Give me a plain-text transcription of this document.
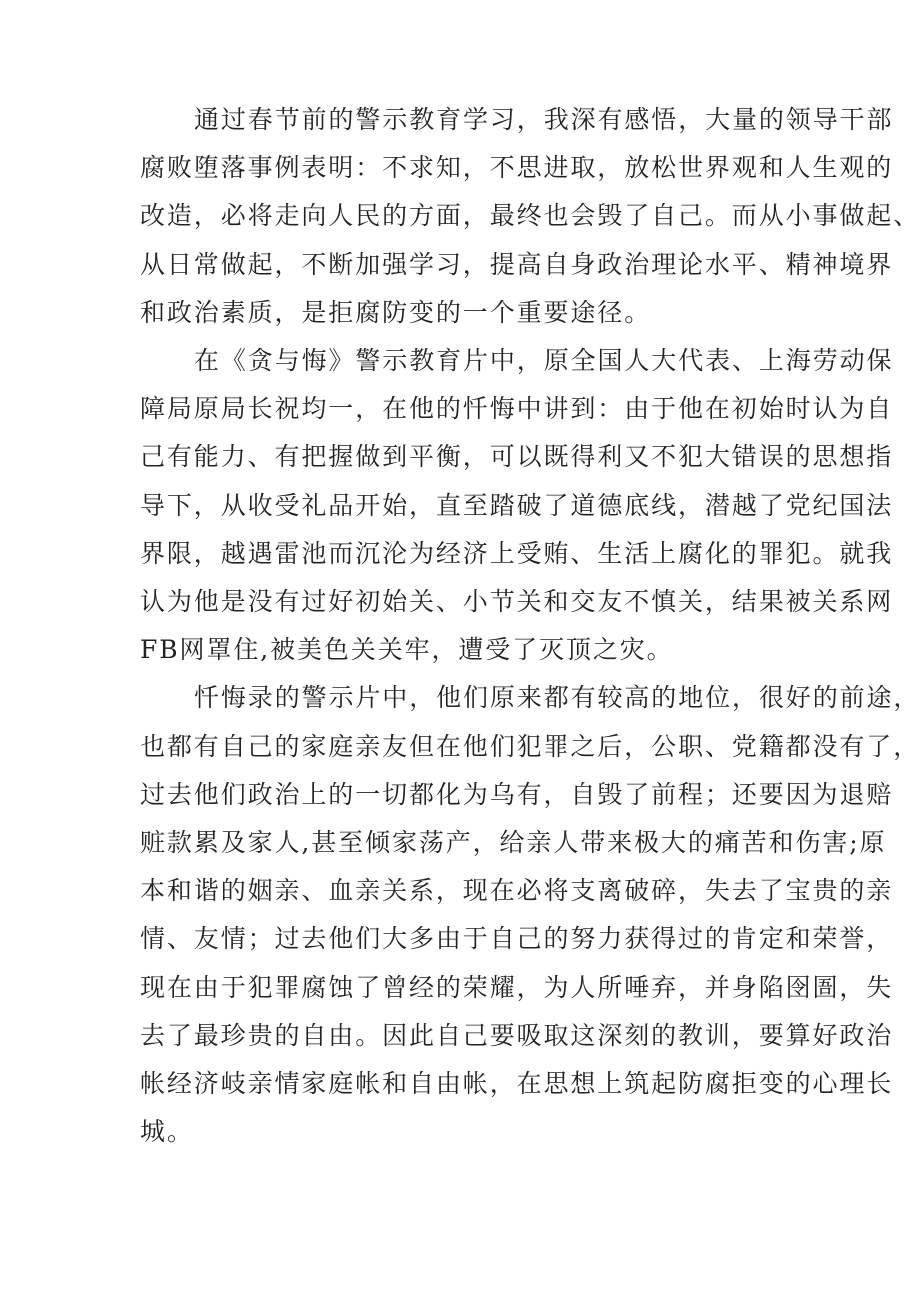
通过春节前的警示教育学习，我深有感悟，大量的领导干部
腐败堕落事例表明：不求知，不思进取，放松世界观和人生观的
改造，必将走向人民的方面，最终也会毁了自己。而从小事做起、
从日常做起，不断加强学习，提高自身政治理论水平、精神境界
和政治素质，是拒腐防变的一个重要途径。

在《贪与悔》警示教育片中，原全国人大代表、上海劳动保
障局原局长祝均一，在他的忏悔中讲到：由于他在初始时认为自
己有能力、有把握做到平衡，可以既得利又不犯大错误的思想指
导下，从收受礼品开始，直至踏破了道德底线，潜越了党纪国法
界限，越遇雷池而沉沦为经济上受贿、生活上腐化的罪犯。就我
认为他是没有过好初始关、小节关和交友不慎关，结果被关系网
FB网罩住,被美色关关牢，遭受了灭顶之灾。

忏悔录的警示片中，他们原来都有较高的地位，很好的前途，
也都有自己的家庭亲友但在他们犯罪之后，公职、党籍都没有了，
过去他们政治上的一切都化为乌有，自毁了前程；还要因为退赔
赃款累及家人,甚至倾家荡产，给亲人带来极大的痛苦和伤害;原
本和谐的姻亲、血亲关系，现在必将支离破碎，失去了宝贵的亲
情、友情；过去他们大多由于自己的努力获得过的肯定和荣誉，
现在由于犯罪腐蚀了曾经的荣耀，为人所唾弃，并身陷囹圄，失
去了最珍贵的自由。因此自己要吸取这深刻的教训，要算好政治
帐经济岐亲情家庭帐和自由帐，在思想上筑起防腐拒变的心理长
城。
